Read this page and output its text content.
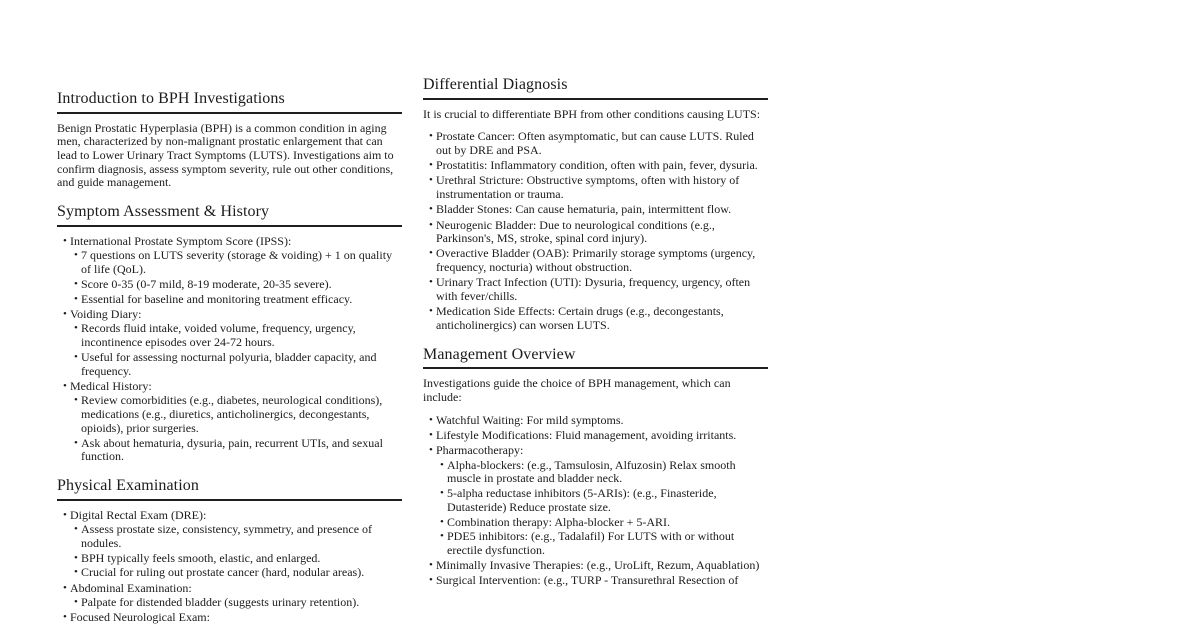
Introduction to BPH Investigations

Benign Prostatic Hyperplasia (BPH) is a common condition in aging men, characterized by non-malignant prostatic enlargement that can lead to Lower Urinary Tract Symptoms (LUTS). Investigations aim to confirm diagnosis, assess symptom severity, rule out other conditions, and guide management.

Symptom Assessment & History
• International Prostate Symptom Score (IPSS):
• 7 questions on LUTS severity (storage & voiding) + 1 on quality of life (QoL).
• Score 0-35 (0-7 mild, 8-19 moderate, 20-35 severe).
• Essential for baseline and monitoring treatment efficacy.
• Voiding Diary:
• Records fluid intake, voided volume, frequency, urgency, incontinence episodes over 24-72 hours.
• Useful for assessing nocturnal polyuria, bladder capacity, and frequency.
• Medical History:
• Review comorbidities (e.g., diabetes, neurological conditions), medications (e.g., diuretics, anticholinergics, decongestants, opioids), prior surgeries.
• Ask about hematuria, dysuria, pain, recurrent UTIs, and sexual function.
Physical Examination
• Digital Rectal Exam (DRE):
• Assess prostate size, consistency, symmetry, and presence of nodules.
• BPH typically feels smooth, elastic, and enlarged.
• Crucial for ruling out prostate cancer (hard, nodular areas).
• Abdominal Examination:
• Palpate for distended bladder (suggests urinary retention).
• Focused Neurological Exam:
Differential Diagnosis

It is crucial to differentiate BPH from other conditions causing LUTS:

• Prostate Cancer: Often asymptomatic, but can cause LUTS. Ruled out by DRE and PSA.
• Prostatitis: Inflammatory condition, often with pain, fever, dysuria.
• Urethral Stricture: Obstructive symptoms, often with history of instrumentation or trauma.
• Bladder Stones: Can cause hematuria, pain, intermittent flow.
• Neurogenic Bladder: Due to neurological conditions (e.g., Parkinson's, MS, stroke, spinal cord injury).
• Overactive Bladder (OAB): Primarily storage symptoms (urgency, frequency, nocturia) without obstruction.
• Urinary Tract Infection (UTI): Dysuria, frequency, urgency, often with fever/chills.
• Medication Side Effects: Certain drugs (e.g., decongestants, anticholinergics) can worsen LUTS.
Management Overview

Investigations guide the choice of BPH management, which can include:

• Watchful Waiting: For mild symptoms.
• Lifestyle Modifications: Fluid management, avoiding irritants.
• Pharmacotherapy:
• Alpha-blockers: (e.g., Tamsulosin, Alfuzosin) Relax smooth muscle in prostate and bladder neck.
• 5-alpha reductase inhibitors (5-ARIs): (e.g., Finasteride, Dutasteride) Reduce prostate size.
• Combination therapy: Alpha-blocker + 5-ARI.
• PDE5 inhibitors: (e.g., Tadalafil) For LUTS with or without erectile dysfunction.
• Minimally Invasive Therapies: (e.g., UroLift, Rezum, Aquablation)
• Surgical Intervention: (e.g., TURP - Transurethral Resection of
